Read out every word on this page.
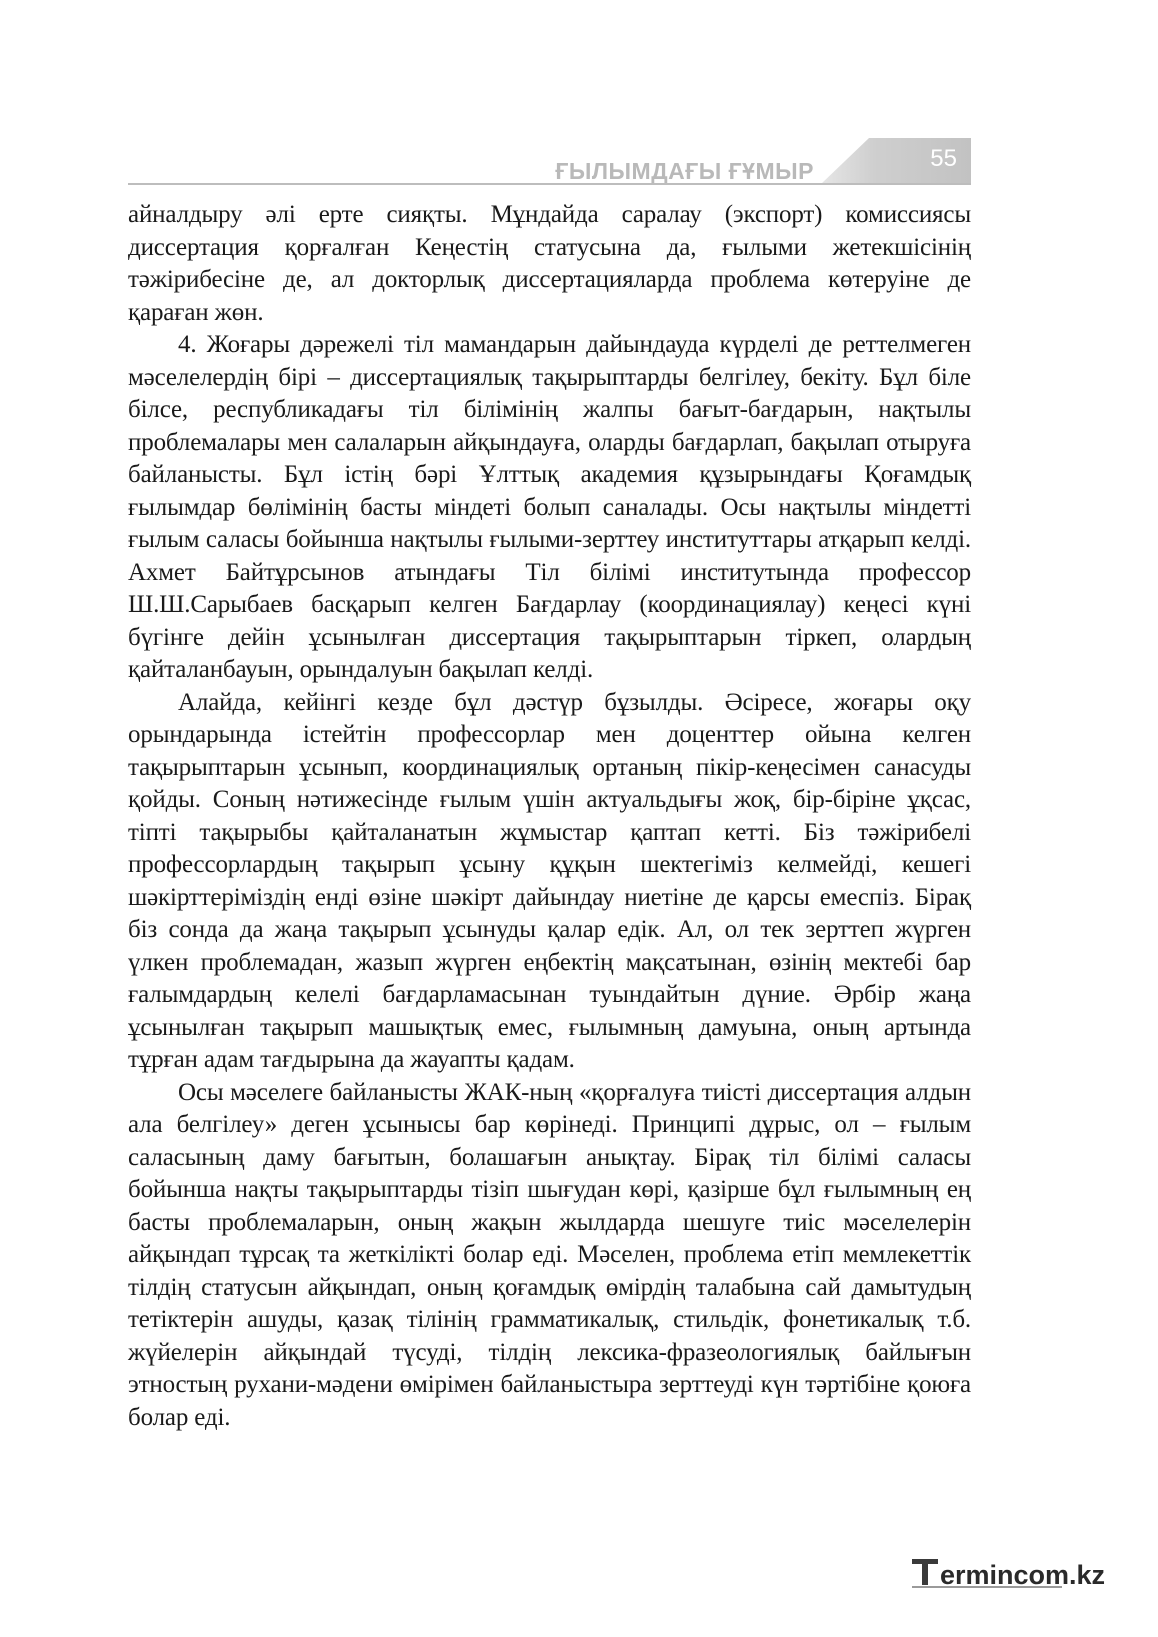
ҒЫЛЫМДАҒЫ ҒҰМЫР	55

айналдыру әлі ерте сияқты. Мұндайда саралау (экспорт) комиссиясы диссертация қорғалған Кеңестің статусына да, ғылыми жетекшісінің тәжірибесіне де, ал докторлық диссертацияларда проблема көтеруіне де қараған жөн.

4. Жоғары дәрежелі тіл мамандарын дайындауда күрделі де реттелмеген мәселелердің бірі – диссертациялық тақырыптарды белгілеу, бекіту. Бұл біле білсе, республикадағы тіл білімінің жалпы бағыт-бағдарын, нақтылы проблемалары мен салаларын айқындауға, оларды бағдарлап, бақылап отыруға байланысты. Бұл істің бәрі Ұлттық академия құзырындағы Қоғамдық ғылымдар бөлімінің басты міндеті болып саналады. Осы нақтылы міндетті ғылым саласы бойынша нақтылы ғылыми-зерттеу институттары атқарып келді. Ахмет Байтұрсынов атындағы Тіл білімі институтында профессор Ш.Ш.Сарыбаев басқарып келген Бағдарлау (координациялау) кеңесі күні бүгінге дейін ұсынылған диссертация тақырыптарын тіркеп, олардың қайталанбауын, орындалуын бақылап келді.

Алайда, кейінгі кезде бұл дәстүр бұзылды. Әсіресе, жоғары оқу орындарында істейтін профессорлар мен доценттер ойына келген тақырыптарын ұсынып, координациялық ортаның пікір-кеңесімен санасуды қойды. Соның нәтижесінде ғылым үшін актуальдығы жоқ, бір-біріне ұқсас, тіпті тақырыбы қайталанатын жұмыстар қаптап кетті. Біз тәжірибелі профессорлардың тақырып ұсыну құқын шектегіміз келмейді, кешегі шәкірттеріміздің енді өзіне шәкірт дайындау ниетіне де қарсы емеспіз. Бірақ біз сонда да жаңа тақырып ұсынуды қалар едік. Ал, ол тек зерттеп жүрген үлкен проблемадан, жазып жүрген еңбектің мақсатынан, өзінің мектебі бар ғалымдардың келелі бағдарламасынан туындайтын дүние. Әрбір жаңа ұсынылған тақырып машықтық емес, ғылымның дамуына, оның артында тұрған адам тағдырына да жауапты қадам.

Осы мәселеге байланысты ЖАК-ның «қорғалуға тиісті диссертация алдын ала белгілеу» деген ұсынысы бар көрінеді. Принципі дұрыс, ол – ғылым саласының даму бағытын, болашағын анықтау. Бірақ тіл білімі саласы бойынша нақты тақырыптарды тізіп шығудан көрі, қазірше бұл ғылымның ең басты проблемаларын, оның жақын жылдарда шешуге тиіс мәселелерін айқындап тұрсақ та жеткілікті болар еді. Мәселен, проблема етіп мемлекеттік тілдің статусын айқындап, оның қоғамдық өмірдің талабына сай дамытудың тетіктерін ашуды, қазақ тілінің грамматикалық, стильдік, фонетикалық т.б. жүйелерін айқындай түсуді, тілдің лексика-фразеологиялық байлығын этностың рухани-мәдени өмірімен байланыстыра зерттеуді күн тәртібіне қоюға болар еді.

ermincom.kz
